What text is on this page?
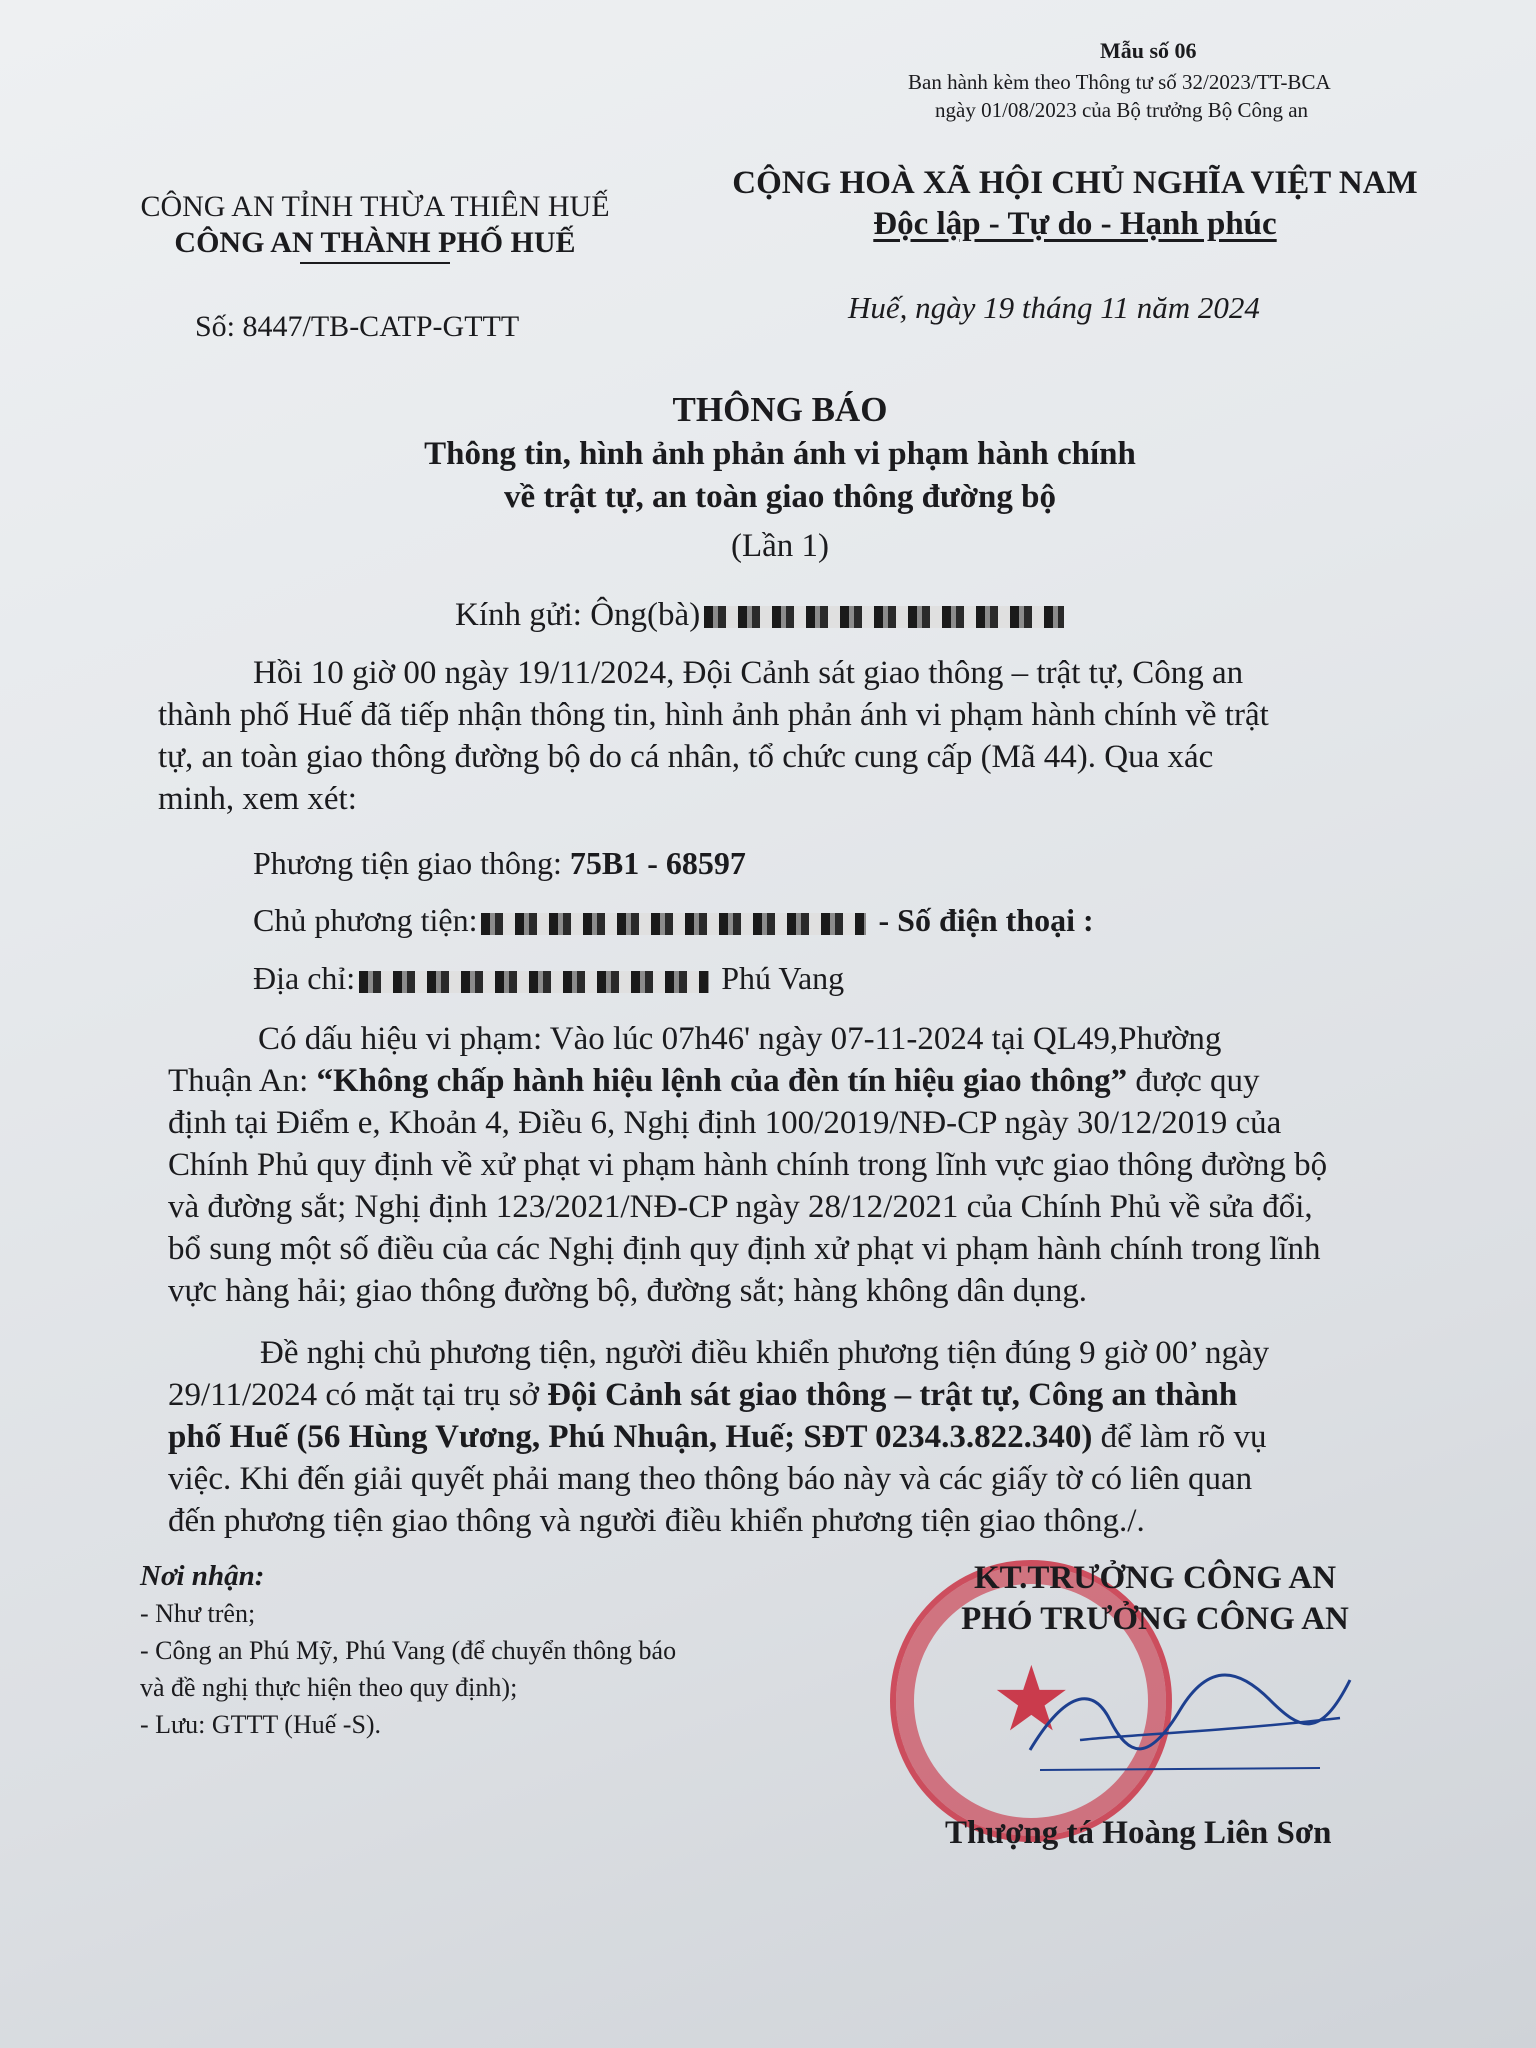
Mẫu số 06
Ban hành kèm theo Thông tư số 32/2023/TT-BCA
ngày 01/08/2023 của Bộ trưởng Bộ Công an
CÔNG AN TỈNH THỪA THIÊN HUẾ
CÔNG AN THÀNH PHỐ HUẾ
Số: 8447/TB-CATP-GTTT
CỘNG HOÀ XÃ HỘI CHỦ NGHĨA VIỆT NAM
Độc lập - Tự do - Hạnh phúc
Huế, ngày 19 tháng 11 năm 2024
THÔNG BÁO
Thông tin, hình ảnh phản ánh vi phạm hành chính
về trật tự, an toàn giao thông đường bộ
(Lần 1)
Kính gửi: Ông(bà)
Hồi 10 giờ 00 ngày 19/11/2024, Đội Cảnh sát giao thông – trật tự, Công an
thành phố Huế đã tiếp nhận thông tin, hình ảnh phản ánh vi phạm hành chính về trật
tự, an toàn giao thông đường bộ do cá nhân, tổ chức cung cấp (Mã 44). Qua xác
minh, xem xét:
Phương tiện giao thông: 75B1 - 68597
Chủ phương tiện:	- Số điện thoại :
Địa chỉ:	Phú Vang
Có dấu hiệu vi phạm: Vào lúc 07h46' ngày 07-11-2024 tại QL49,Phường
Thuận An: “Không chấp hành hiệu lệnh của đèn tín hiệu giao thông” được quy
định tại Điểm e, Khoản 4, Điều 6, Nghị định 100/2019/NĐ-CP ngày 30/12/2019 của
Chính Phủ quy định về xử phạt vi phạm hành chính trong lĩnh vực giao thông đường bộ
và đường sắt; Nghị định 123/2021/NĐ-CP ngày 28/12/2021 của Chính Phủ về sửa đổi,
bổ sung một số điều của các Nghị định quy định xử phạt vi phạm hành chính trong lĩnh
vực hàng hải; giao thông đường bộ, đường sắt; hàng không dân dụng.
Đề nghị chủ phương tiện, người điều khiển phương tiện đúng 9 giờ 00’ ngày
29/11/2024 có mặt tại trụ sở Đội Cảnh sát giao thông – trật tự, Công an thành
phố Huế (56 Hùng Vương, Phú Nhuận, Huế; SĐT 0234.3.822.340) để làm rõ vụ
việc. Khi đến giải quyết phải mang theo thông báo này và các giấy tờ có liên quan
đến phương tiện giao thông và người điều khiển phương tiện giao thông./.
Nơi nhận:
- Như trên;
- Công an Phú Mỹ, Phú Vang (để chuyển thông báo
và đề nghị thực hiện theo quy định);
- Lưu: GTTT (Huế -S).	★
KT.TRƯỞNG CÔNG AN
PHÓ TRƯỞNG CÔNG AN
Thượng tá Hoàng Liên Sơn
